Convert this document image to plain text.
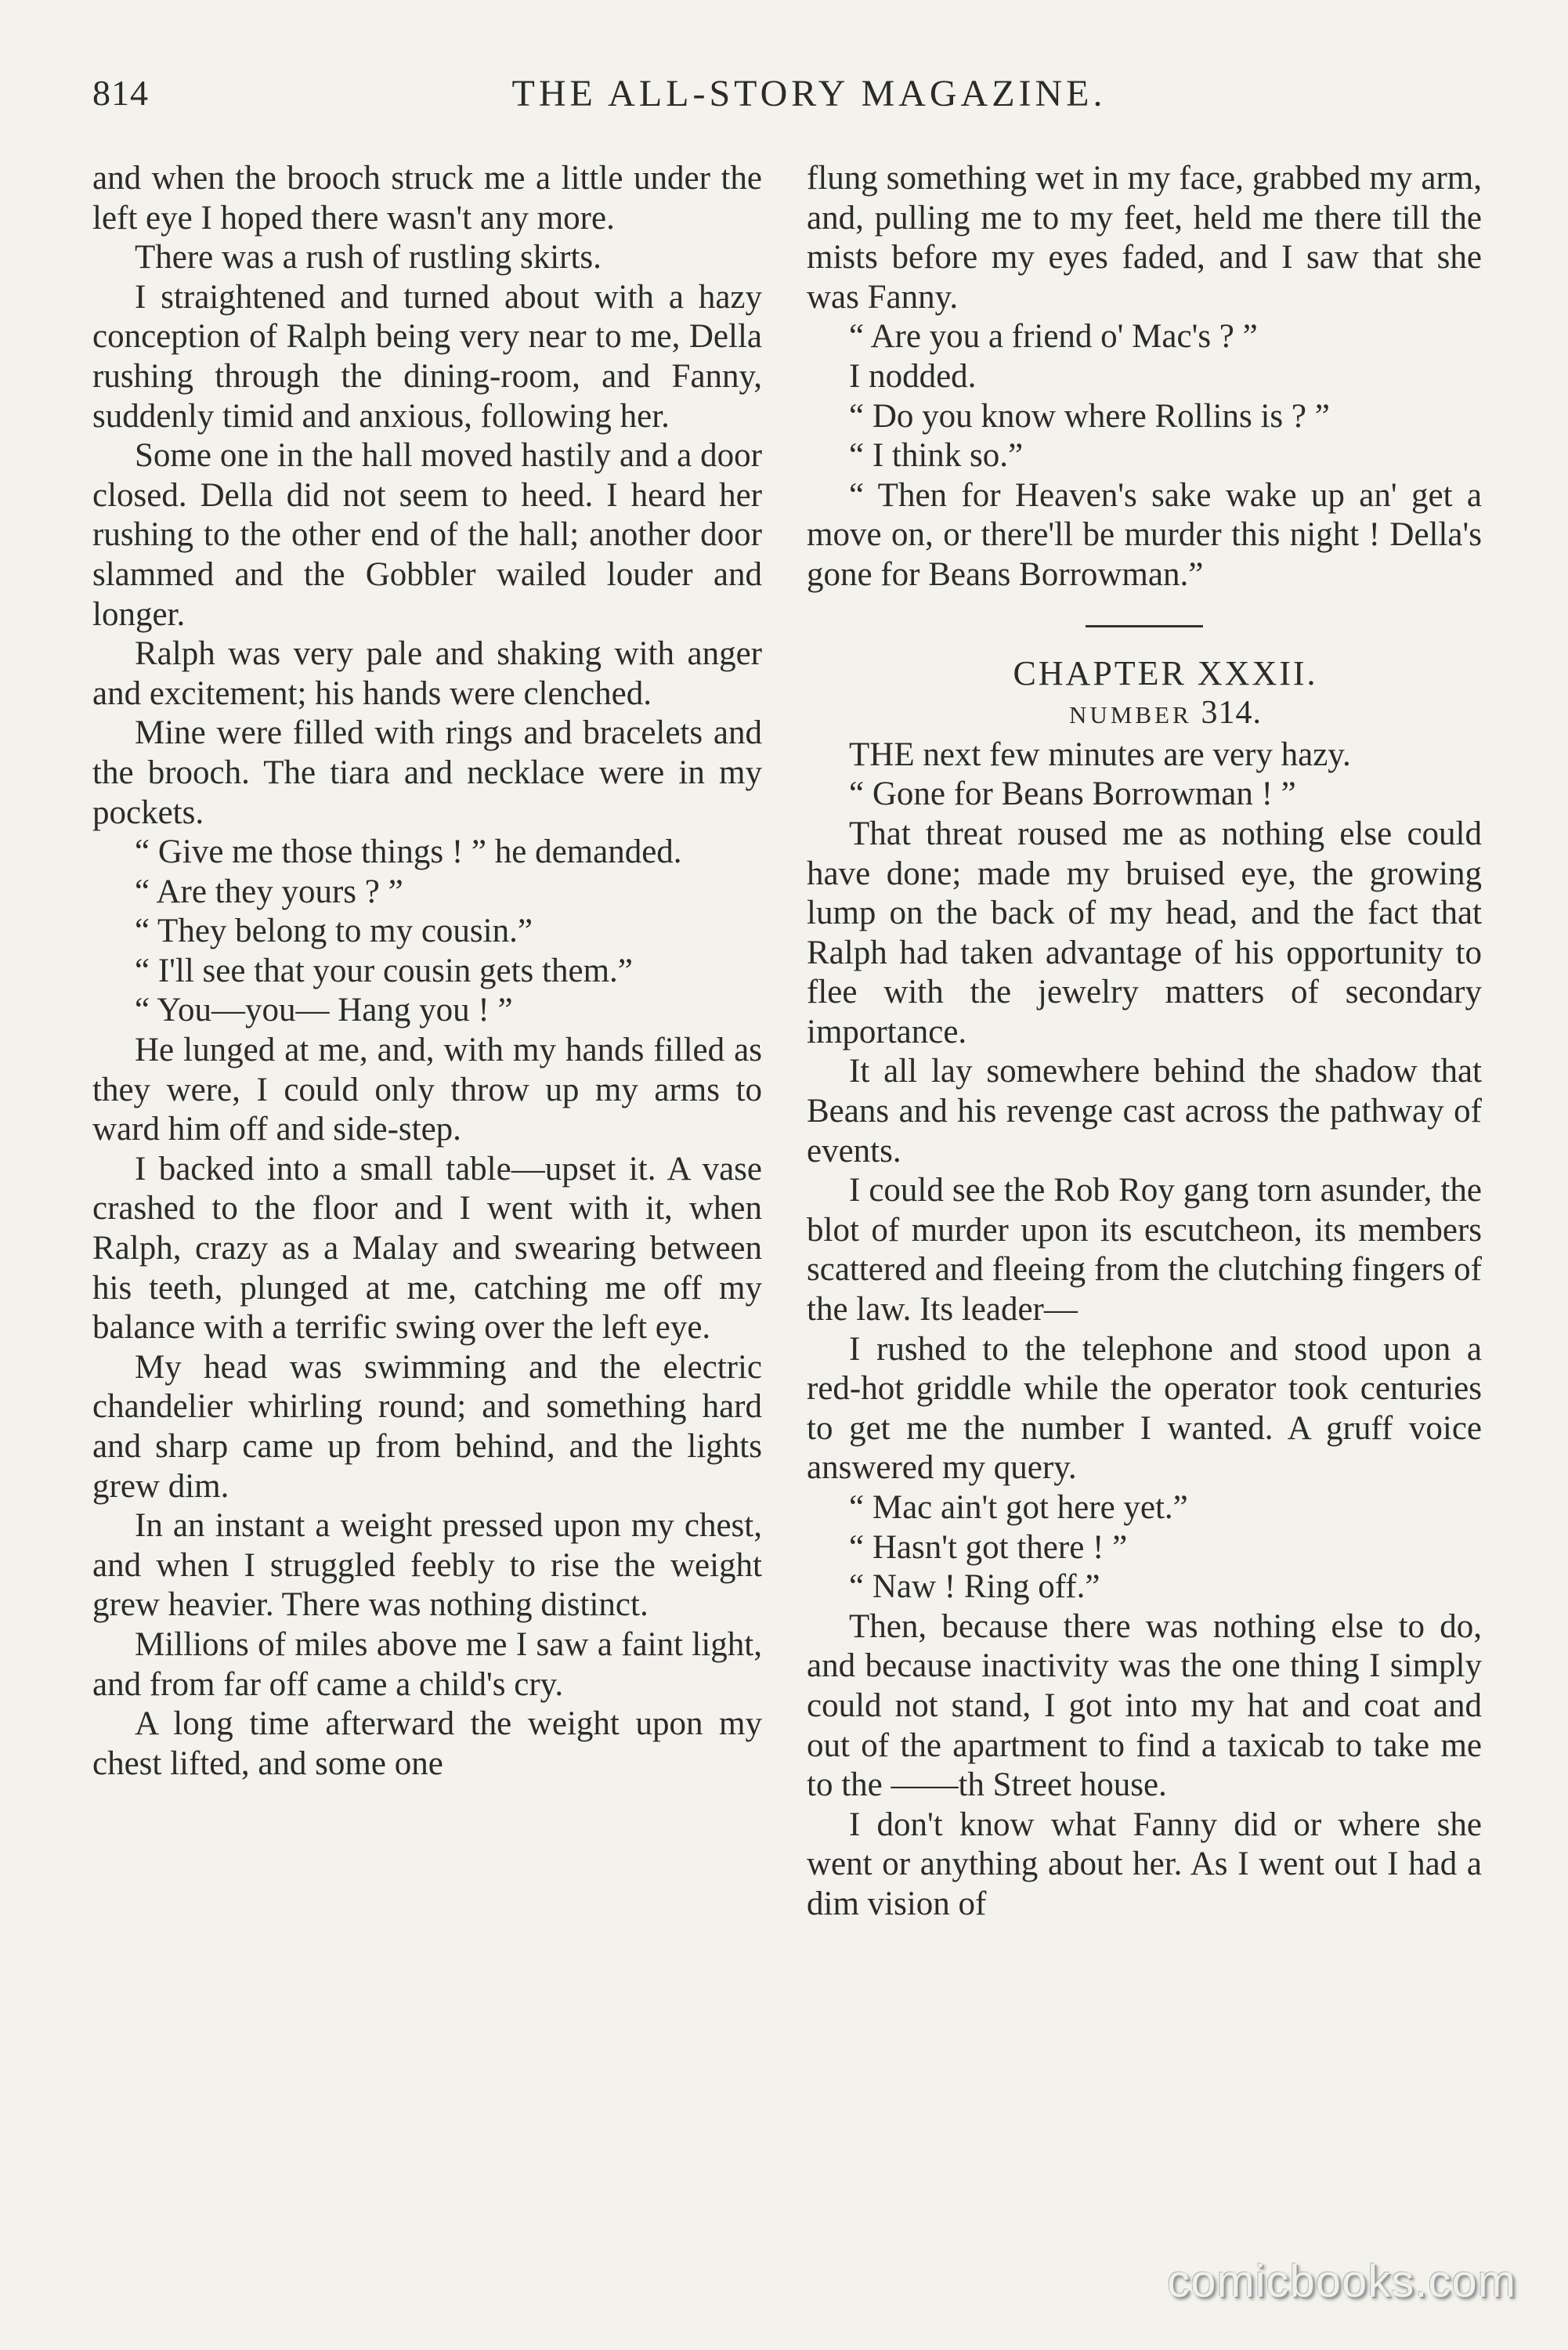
814	THE ALL-STORY MAGAZINE.

and when the brooch struck me a little under the left eye I hoped there wasn't any more.

There was a rush of rustling skirts.

I straightened and turned about with a hazy conception of Ralph being very near to me, Della rushing through the dining-room, and Fanny, suddenly timid and anxious, following her.

Some one in the hall moved hastily and a door closed. Della did not seem to heed. I heard her rushing to the other end of the hall; another door slammed and the Gobbler wailed louder and longer.

Ralph was very pale and shaking with anger and excitement; his hands were clenched.

Mine were filled with rings and bracelets and the brooch. The tiara and necklace were in my pockets.

“ Give me those things ! ” he demanded.

“ Are they yours ? ”

“ They belong to my cousin.”

“ I'll see that your cousin gets them.”

“ You—you— Hang you ! ”

He lunged at me, and, with my hands filled as they were, I could only throw up my arms to ward him off and side-step.

I backed into a small table—upset it. A vase crashed to the floor and I went with it, when Ralph, crazy as a Malay and swearing between his teeth, plunged at me, catching me off my balance with a terrific swing over the left eye.

My head was swimming and the electric chandelier whirling round; and something hard and sharp came up from behind, and the lights grew dim.

In an instant a weight pressed upon my chest, and when I struggled feebly to rise the weight grew heavier. There was nothing distinct.

Millions of miles above me I saw a faint light, and from far off came a child's cry.

A long time afterward the weight upon my chest lifted, and some one

flung something wet in my face, grabbed my arm, and, pulling me to my feet, held me there till the mists before my eyes faded, and I saw that she was Fanny.

“ Are you a friend o' Mac's ? ”

I nodded.

“ Do you know where Rollins is ? ”

“ I think so.”

“ Then for Heaven's sake wake up an' get a move on, or there'll be murder this night ! Della's gone for Beans Borrowman.”

CHAPTER XXXII.

NUMBER 314.

THE next few minutes are very hazy.

“ Gone for Beans Borrowman ! ”

That threat roused me as nothing else could have done; made my bruised eye, the growing lump on the back of my head, and the fact that Ralph had taken advantage of his opportunity to flee with the jewelry matters of secondary importance.

It all lay somewhere behind the shadow that Beans and his revenge cast across the pathway of events.

I could see the Rob Roy gang torn asunder, the blot of murder upon its escutcheon, its members scattered and fleeing from the clutching fingers of the law. Its leader—

I rushed to the telephone and stood upon a red-hot griddle while the operator took centuries to get me the number I wanted. A gruff voice answered my query.

“ Mac ain't got here yet.”

“ Hasn't got there ! ”

“ Naw ! Ring off.”

Then, because there was nothing else to do, and because inactivity was the one thing I simply could not stand, I got into my hat and coat and out of the apartment to find a taxicab to take me to the ——th Street house.

I don't know what Fanny did or where she went or anything about her. As I went out I had a dim vision of

comicbooks.com
